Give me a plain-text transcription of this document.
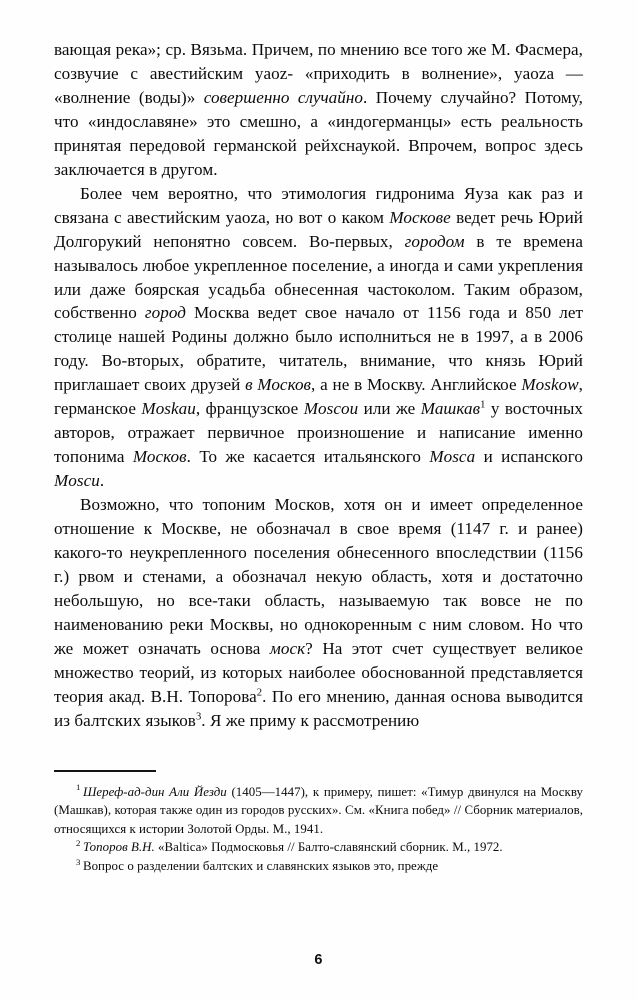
вающая река»; ср. Вязьма. Причем, по мнению все того же М. Фасмера, созвучие с авестийским yaoz- «приходить в волнение», yaoza — «волнение (воды)» совершенно случайно. Почему случайно? Потому, что «индославяне» это смешно, а «индогерманцы» есть реальность принятая передовой германской рейхснаукой. Впрочем, вопрос здесь заключается в другом.

Более чем вероятно, что этимология гидронима Яуза как раз и связана с авестийским yaoza, но вот о каком Москове ведет речь Юрий Долгорукий непонятно совсем. Во-первых, городом в те времена называлось любое укрепленное поселение, а иногда и сами укрепления или даже боярская усадьба обнесенная частоколом. Таким образом, собственно город Москва ведет свое начало от 1156 года и 850 лет столице нашей Родины должно было исполниться не в 1997, а в 2006 году. Во-вторых, обратите, читатель, внимание, что князь Юрий приглашает своих друзей в Москов, а не в Москву. Английское Moskow, германское Moskau, французское Moscou или же Машкав$^1$ у восточных авторов, отражает первичное произношение и написание именно топонима Москов. То же касается итальянского Mosca и испанского Moscu.

Возможно, что топоним Москов, хотя он и имеет определенное отношение к Москве, не обозначал в свое время (1147 г. и ранее) какого-то неукрепленного поселения обнесенного впоследствии (1156 г.) рвом и стенами, а обозначал некую область, хотя и достаточно небольшую, но все-таки область, называемую так вовсе не по наименованию реки Москвы, но однокоренным с ним словом. Но что же может означать основа моск? На этот счет существует великое множество теорий, из которых наиболее обоснованной представляется теория акад. В.Н. Топорова$^2$. По его мнению, данная основа выводится из балтских языков$^3$. Я же приму к рассмотрению

$^1$ Шереф-ад-дин Али Йезди (1405—1447), к примеру, пишет: «Тимур двинулся на Москву (Машкав), которая также один из городов русских». См. «Книга побед» // Сборник материалов, относящихся к истории Золотой Орды. М., 1941.

$^2$ Топоров В.Н. «Baltica» Подмосковья // Балто-славянский сборник. М., 1972.

$^3$ Вопрос о разделении балтских и славянских языков это, прежде

6
